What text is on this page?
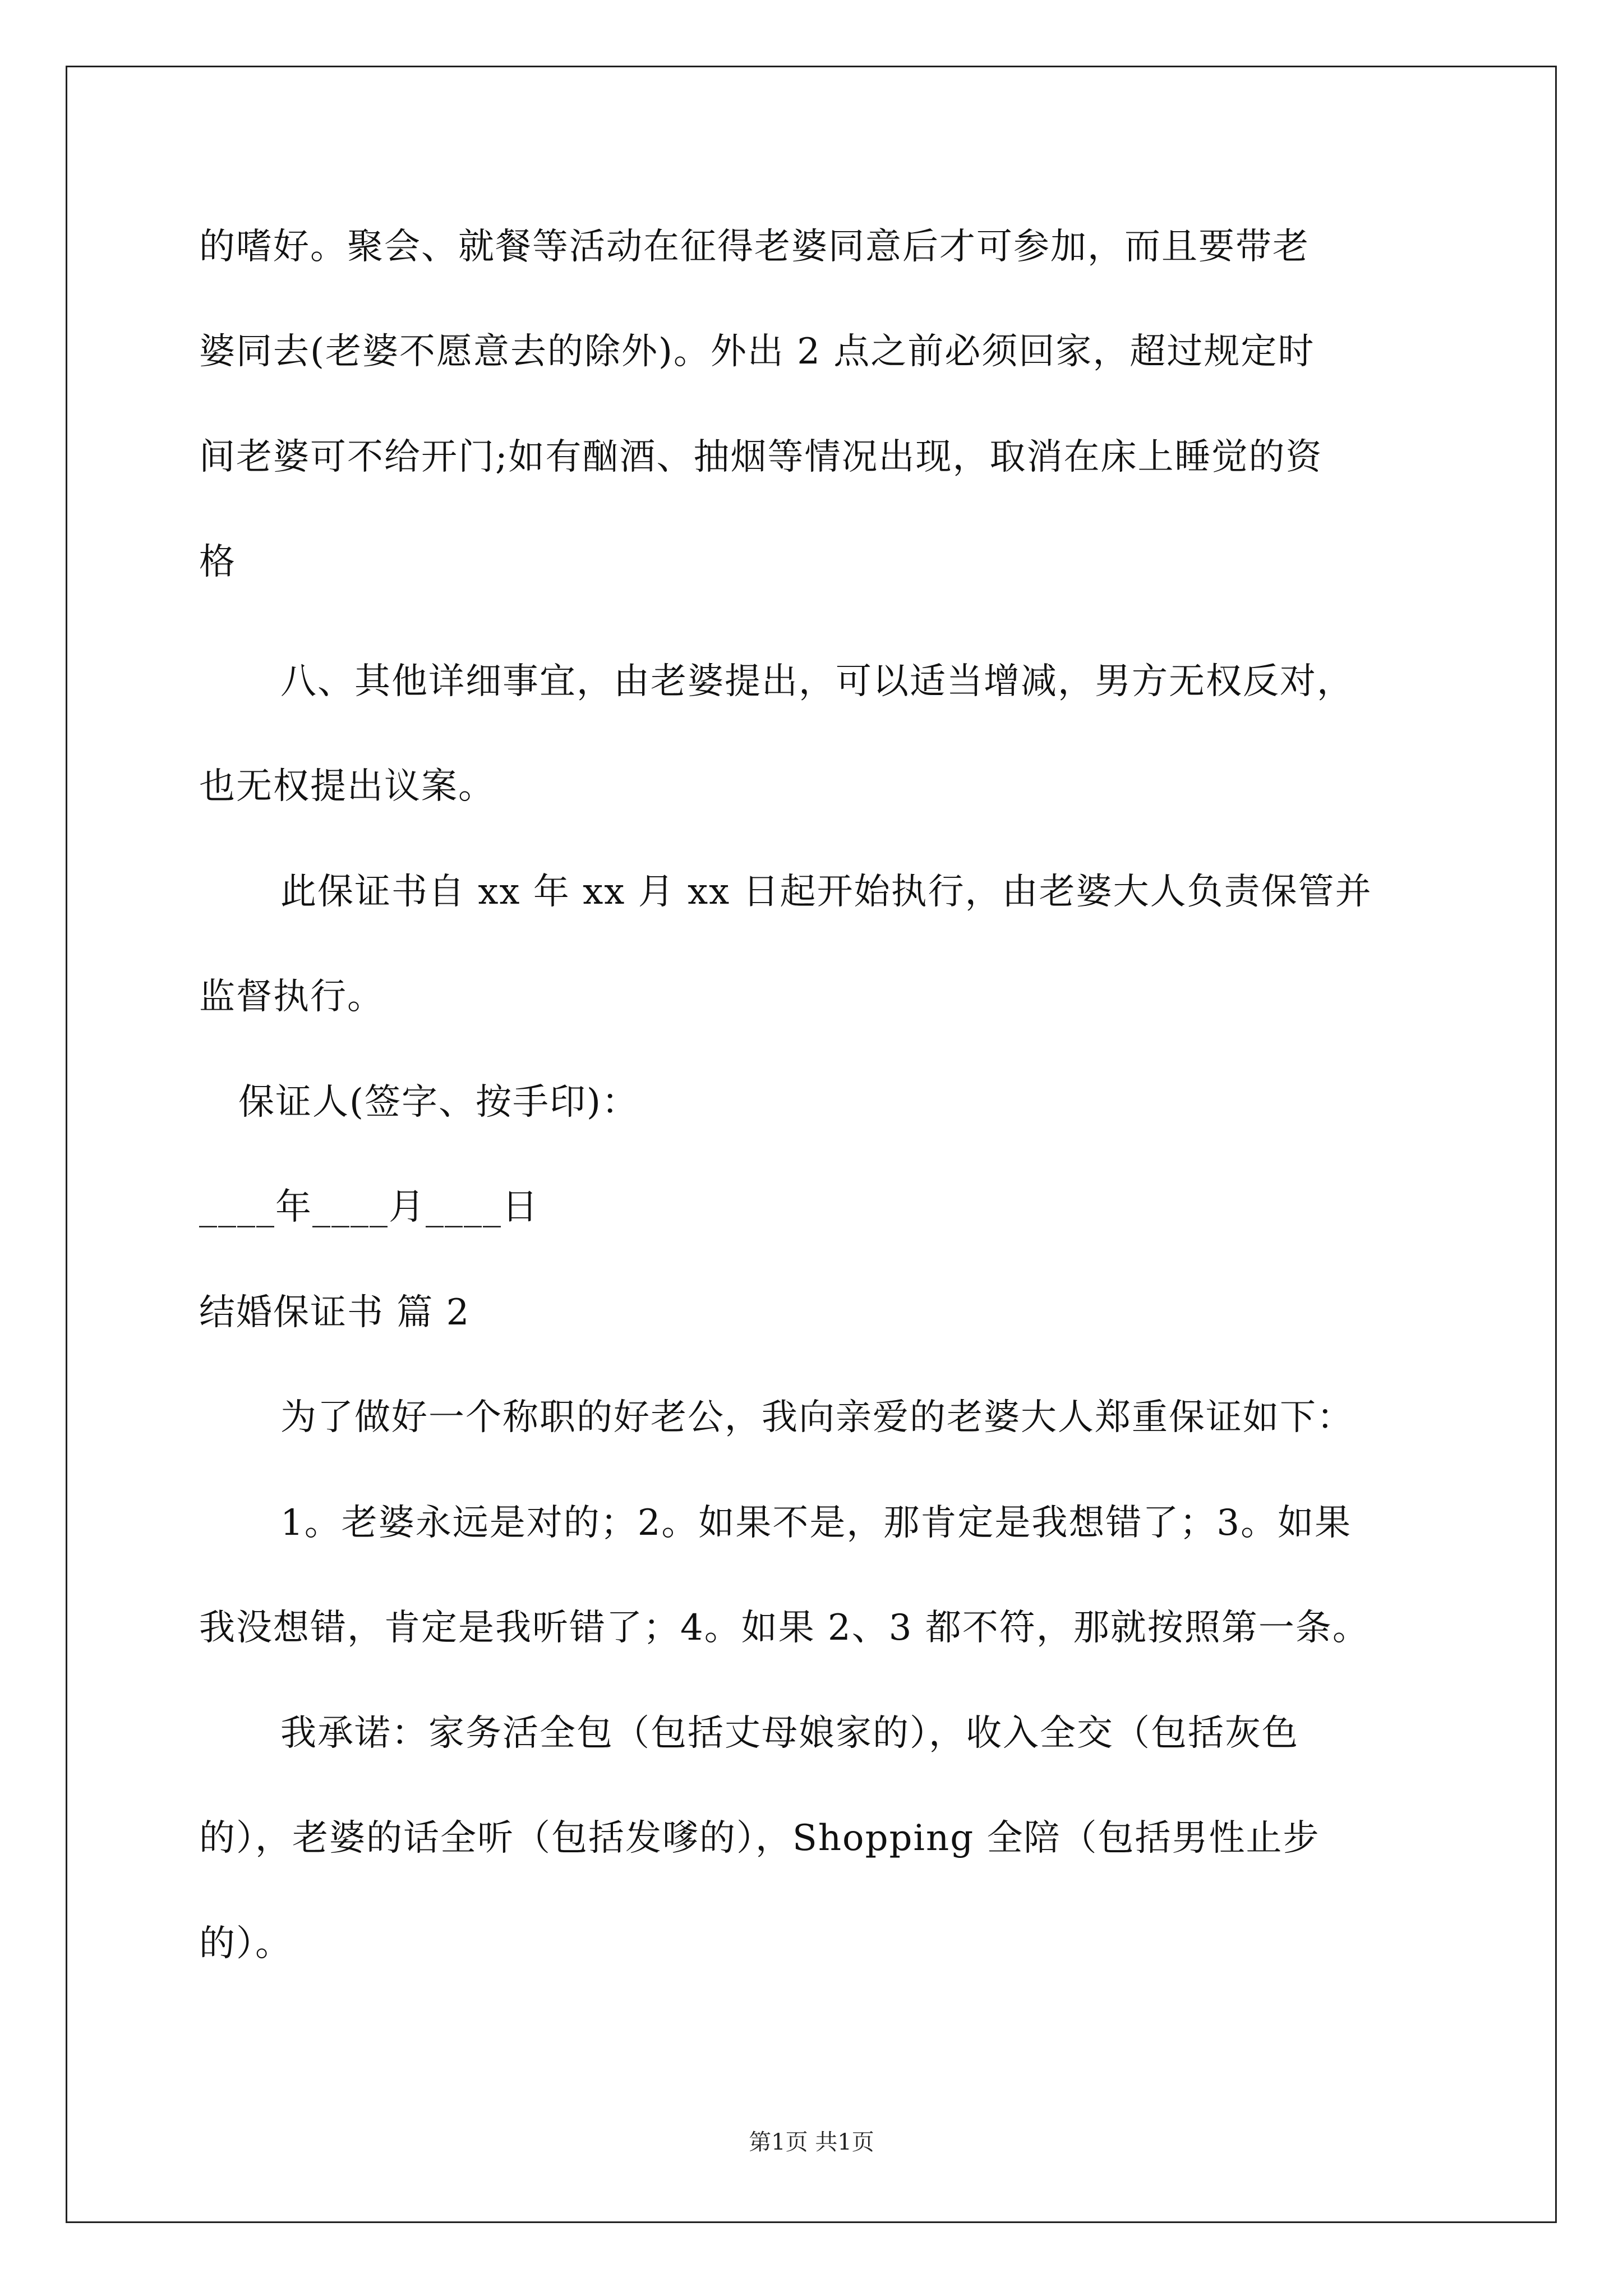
的嗜好。聚会、就餐等活动在征得老婆同意后才可参加，而且要带老
婆同去(老婆不愿意去的除外)。外出 2 点之前必须回家，超过规定时
间老婆可不给开门;如有酗酒、抽烟等情况出现，取消在床上睡觉的资
格
八、其他详细事宜，由老婆提出，可以适当增减，男方无权反对，
也无权提出议案。
此保证书自 xx 年 xx 月 xx 日起开始执行，由老婆大人负责保管并
监督执行。
保证人(签字、按手印)：
____年____月____日
结婚保证书 篇 2
为了做好一个称职的好老公，我向亲爱的老婆大人郑重保证如下：
1。老婆永远是对的；2。如果不是，那肯定是我想错了；3。如果
我没想错，肯定是我听错了；4。如果 2、3 都不符，那就按照第一条。
我承诺：家务活全包（包括丈母娘家的），收入全交（包括灰色
的），老婆的话全听（包括发嗲的），Shopping 全陪（包括男性止步
的）。
第1页 共1页
